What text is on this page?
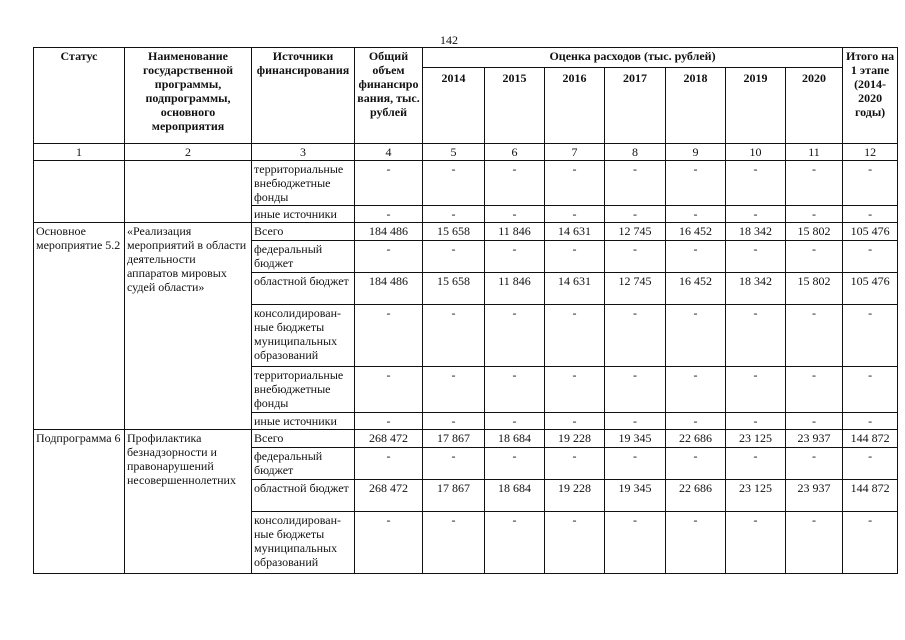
142
Статус	Наименование государственной программы, подпрограммы, основного мероприятия	Источники финансирования	Общий объем финансиро вания, тыс. рублей	Оценка расходов (тыс. рублей)							Итого на 1 этапе (2014-2020 годы)
				2014	2015	2016	2017	2018	2019	2020	
1	2	3	4	5	6	7	8	9	10	11	12
		территориальные внебюджетные фонды	-	-	-	-	-	-	-	-	-
		иные источники	-	-	-	-	-	-	-	-	-
Основное мероприятие 5.2	«Реализация мероприятий в области деятельности аппаратов мировых судей области»	Всего	184 486	15 658	11 846	14 631	12 745	16 452	18 342	15 802	105 476
		федеральный бюджет	-	-	-	-	-	-	-	-	-
		областной бюджет	184 486	15 658	11 846	14 631	12 745	16 452	18 342	15 802	105 476
		консолидирован-ные бюджеты муниципальных образований	-	-	-	-	-	-	-	-	-
		территориальные внебюджетные фонды	-	-	-	-	-	-	-	-	-
		иные источники	-	-	-	-	-	-	-	-	-
Подпрограмма 6	Профилактика безнадзорности и правонарушений несовершеннолетних	Всего	268 472	17 867	18 684	19 228	19 345	22 686	23 125	23 937	144 872
		федеральный бюджет	-	-	-	-	-	-	-	-	-
		областной бюджет	268 472	17 867	18 684	19 228	19 345	22 686	23 125	23 937	144 872
		консолидирован-ные бюджеты муниципальных образований	-	-	-	-	-	-	-	-	-
